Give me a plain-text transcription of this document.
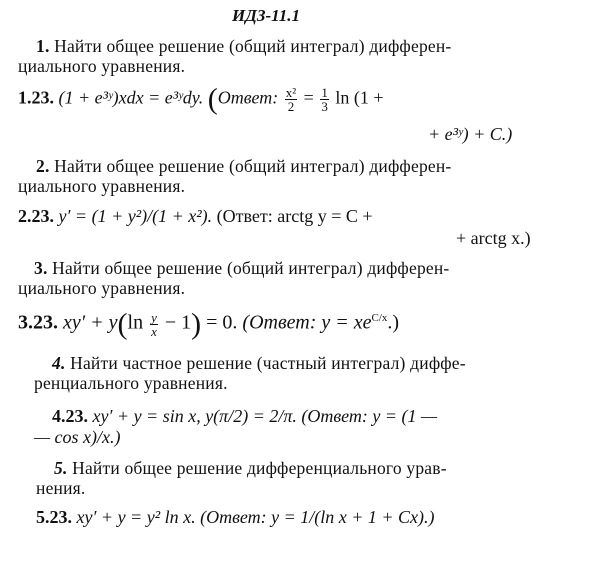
ИДЗ-11.1
1. Найти общее решение (общий интеграл) дифферен-
циального уравнения.
1.23. (1 + e³ʸ)xdx = e³ʸdy. (Ответ: $\frac{\text{x²}}{2} = \frac{1}{3}$ ln (1 +
+ e³ʸ) + C.)
2. Найти общее решение (общий интеграл) дифферен-
циального уравнения.
2.23. y′ = (1 + y²)/(1 + x²). (Ответ: arctg y = C +
+ arctg x.)
3. Найти общее решение (общий интеграл) дифферен-
циального уравнения.
3.23. $xy' + y(\ln \frac{y}{x} - 1) = 0$. (Ответ: $y = xe^{C/x}$.)
4. Найти частное решение (частный интеграл) диффе-
ренциального уравнения.
4.23. xy′ + y = sin x, y(π/2) = 2/π. (Ответ: y = (1 —
— cos x)/x.)
5. Найти общее решение дифференциального урав-
нения.
5.23. xy′ + y = y² ln x. (Ответ: y = 1/(ln x + 1 + Cx).)
